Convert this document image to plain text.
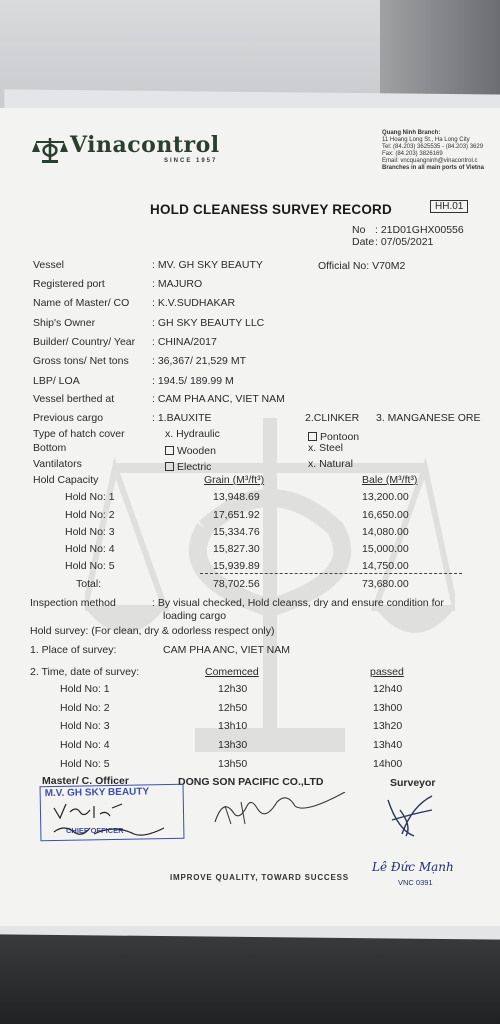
Vinacontrol
SINCE 1957
Quang Ninh Branch:
11 Hoang Long St., Ha Long City
Tel: (84.203) 3625535 - (84.203) 3629
Fax: (84.203) 3826169
Email: vncquangninh@vinacontrol.c
Branches in all main ports of Vietna
HOLD CLEANESS SURVEY RECORD	HH.01
No : 21D01GHX00556
Date : 07/05/2021
Vessel	: MV. GH SKY BEAUTY	Official No: V70M2
Registered port	: MAJURO
Name of Master/ CO : K.V.SUDHAKAR
Ship's Owner	: GH SKY BEAUTY LLC
Builder/ Country/ Year : CHINA/2017
Gross tons/ Net tons : 36,367/ 21,529 MT
LBP/ LOA	: 194.5/ 189.99 M
Vessel berthed at	: CAM PHA ANC, VIET NAM
Previous cargo	: 1.BAUXITE	2.CLINKER 3. MANGANESE ORE
Type of hatch cover	x. Hydraulic	Pontoon
Bottom	Wooden	x. Steel
Vantilators	Electric	x. Natural
Hold Capacity	Grain (M³/ft³)	Bale (M³/ft³)
Hold No: 1	13,948.69	13,200.00
Hold No: 2	17,651.92	16,650.00
Hold No: 3	15,334.76	14,080.00
Hold No: 4	15,827.30	15,000.00
Hold No: 5	15,939.89	14,750.00
Total:	78,702.56	73,680.00
Inspection method	: By visual checked, Hold cleanss, dry and ensure condition for
loading cargo
Hold survey: (For clean, dry & odorless respect only)
1. Place of survey:	CAM PHA ANC, VIET NAM
2. Time, date of survey:	Comemced	passed
Hold No: 1	12h30	12h40
Hold No: 2	12h50	13h00
Hold No: 3	13h10	13h20
Hold No: 4	13h30	13h40
Hold No: 5	13h50	14h00
Master/ C. Officer	DONG SON PACIFIC CO.,LTD	Surveyor
M.V. GH SKY BEAUTY
CHIEF OFFICER
Lê Đức Mạnh
VNC 0391
IMPROVE QUALITY, TOWARD SUCCESS
